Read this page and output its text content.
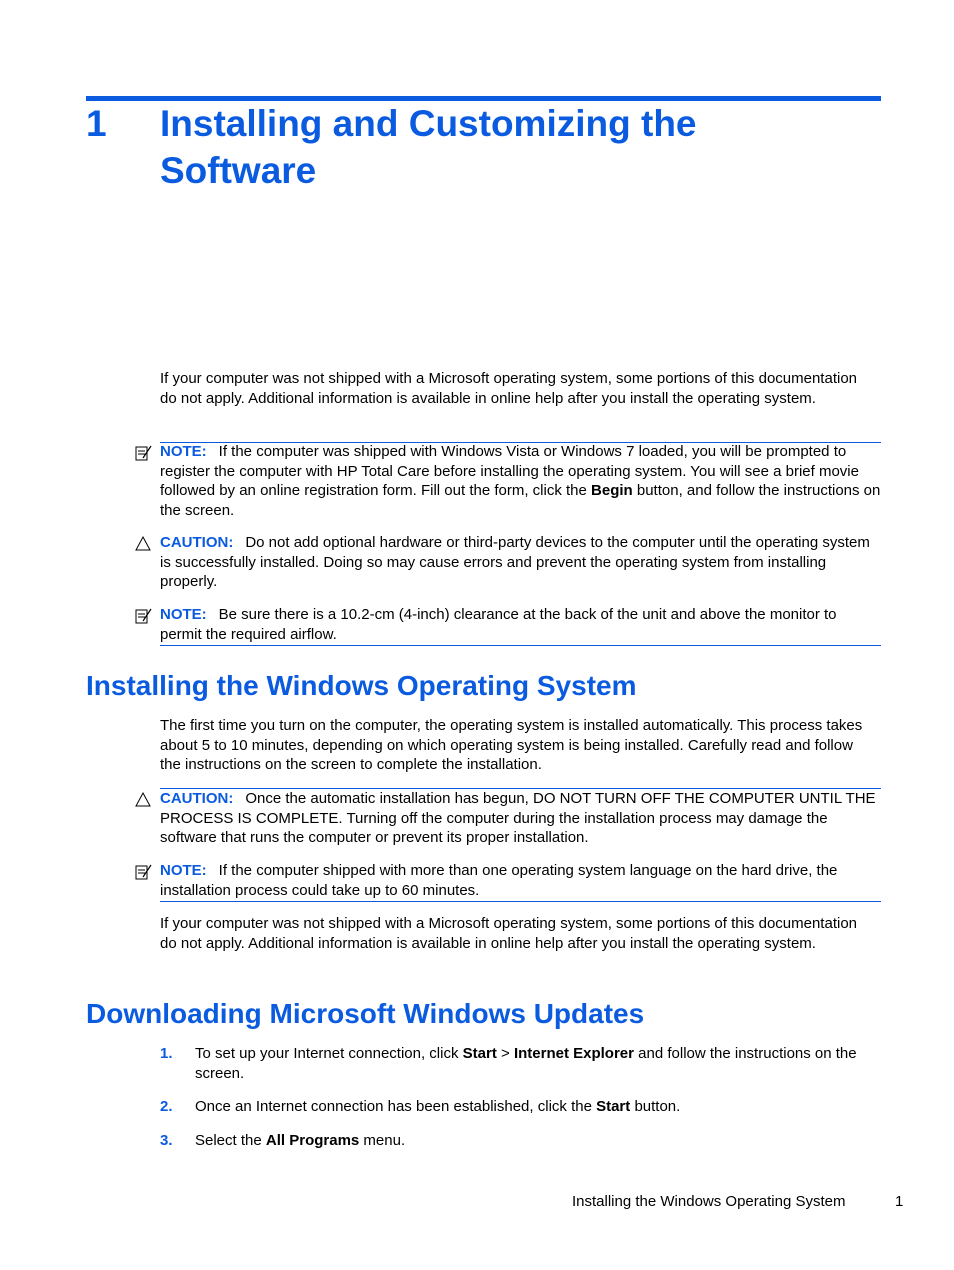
1 Installing and Customizing the Software
If your computer was not shipped with a Microsoft operating system, some portions of this documentation do not apply. Additional information is available in online help after you install the operating system.
NOTE: If the computer was shipped with Windows Vista or Windows 7 loaded, you will be prompted to register the computer with HP Total Care before installing the operating system. You will see a brief movie followed by an online registration form. Fill out the form, click the Begin button, and follow the instructions on the screen.
CAUTION: Do not add optional hardware or third-party devices to the computer until the operating system is successfully installed. Doing so may cause errors and prevent the operating system from installing properly.
NOTE: Be sure there is a 10.2-cm (4-inch) clearance at the back of the unit and above the monitor to permit the required airflow.
Installing the Windows Operating System
The first time you turn on the computer, the operating system is installed automatically. This process takes about 5 to 10 minutes, depending on which operating system is being installed. Carefully read and follow the instructions on the screen to complete the installation.
CAUTION: Once the automatic installation has begun, DO NOT TURN OFF THE COMPUTER UNTIL THE PROCESS IS COMPLETE. Turning off the computer during the installation process may damage the software that runs the computer or prevent its proper installation.
NOTE: If the computer shipped with more than one operating system language on the hard drive, the installation process could take up to 60 minutes.
If your computer was not shipped with a Microsoft operating system, some portions of this documentation do not apply. Additional information is available in online help after you install the operating system.
Downloading Microsoft Windows Updates
1. To set up your Internet connection, click Start > Internet Explorer and follow the instructions on the screen.
2. Once an Internet connection has been established, click the Start button.
3. Select the All Programs menu.
Installing the Windows Operating System	1
